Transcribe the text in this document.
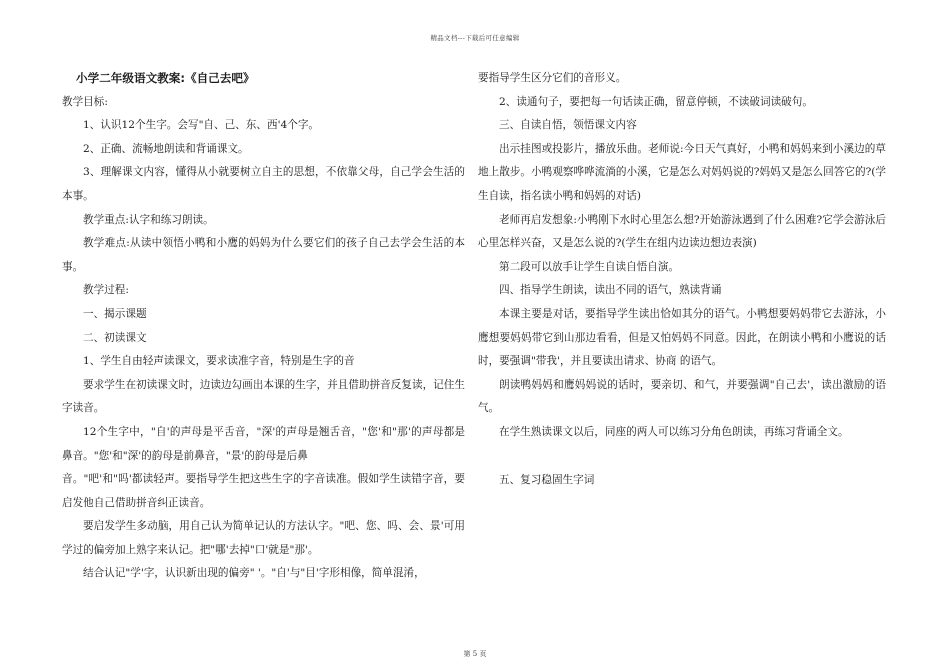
精品文档---下载后可任意编辑
小学二年级语文教案:《自己去吧》

教学目标:

1、认识12个生字。会写"自、己、东、西'4个字。

2、正确、流畅地朗读和背诵课文。

3、理解课文内容，懂得从小就要树立自主的思想，不依靠父母，自己学会生活的本事。

教学重点:认字和练习朗读。

教学难点:从读中领悟小鸭和小鹰的妈妈为什么要它们的孩子自己去学会生活的本事。

教学过程:

一、揭示课题

二、初读课文

1、学生自由轻声读课文，要求读准字音，特别是生字的音

要求学生在初读课文时，边读边勾画出本课的生字，并且借助拼音反复读，记住生字读音。

12个生字中，"自'的声母是平舌音，"深'的声母是翘舌音，"您'和"那'的声母都是鼻音。"您'和"深'的韵母是前鼻音，"景'的韵母是后鼻

音。"吧'和"吗'都读轻声。要指导学生把这些生字的字音读准。假如学生读错字音，要启发他自己借助拼音纠正读音。

要启发学生多动脑，用自己认为简单记认的方法认字。"吧、您、吗、会、景'可用学过的偏旁加上熟字来认记。把"哪'去掉"口'就是"那'。

结合认记"学'字，认识新出现的偏旁" '。"自'与"目'字形相像，简单混淆，

要指导学生区分它们的音形义。

2、读通句子，要把每一句话读正确，留意停顿，不读破词读破句。

三、自读自悟，领悟课文内容

出示挂图或投影片，播放乐曲。老师说:今日天气真好，小鸭和妈妈来到小溪边的草地上散步。小鸭观察哗哗流淌的小溪，它是怎么对妈妈说的?妈妈又是怎么回答它的?(学生自读，指名读小鸭和妈妈的对话)

老师再启发想象:小鸭刚下水时心里怎么想?开始游泳遇到了什么困难?它学会游泳后心里怎样兴奋，又是怎么说的?(学生在组内边读边想边表演)

第二段可以放手让学生自读自悟自演。

四、指导学生朗读，读出不同的语气，熟读背诵

本课主要是对话，要指导学生读出恰如其分的语气。小鸭想要妈妈带它去游泳，小鹰想要妈妈带它到山那边看看，但是又怕妈妈不同意。因此，在朗读小鸭和小鹰说的话时，要强调"带我'，并且要读出请求、协商 的语气。

朗读鸭妈妈和鹰妈妈说的话时，要亲切、和气，并要强调"自己去'，读出激励的语气。

在学生熟读课文以后，同座的两人可以练习分角色朗读，再练习背诵全文。

五、复习稳固生字词

第 5 页
